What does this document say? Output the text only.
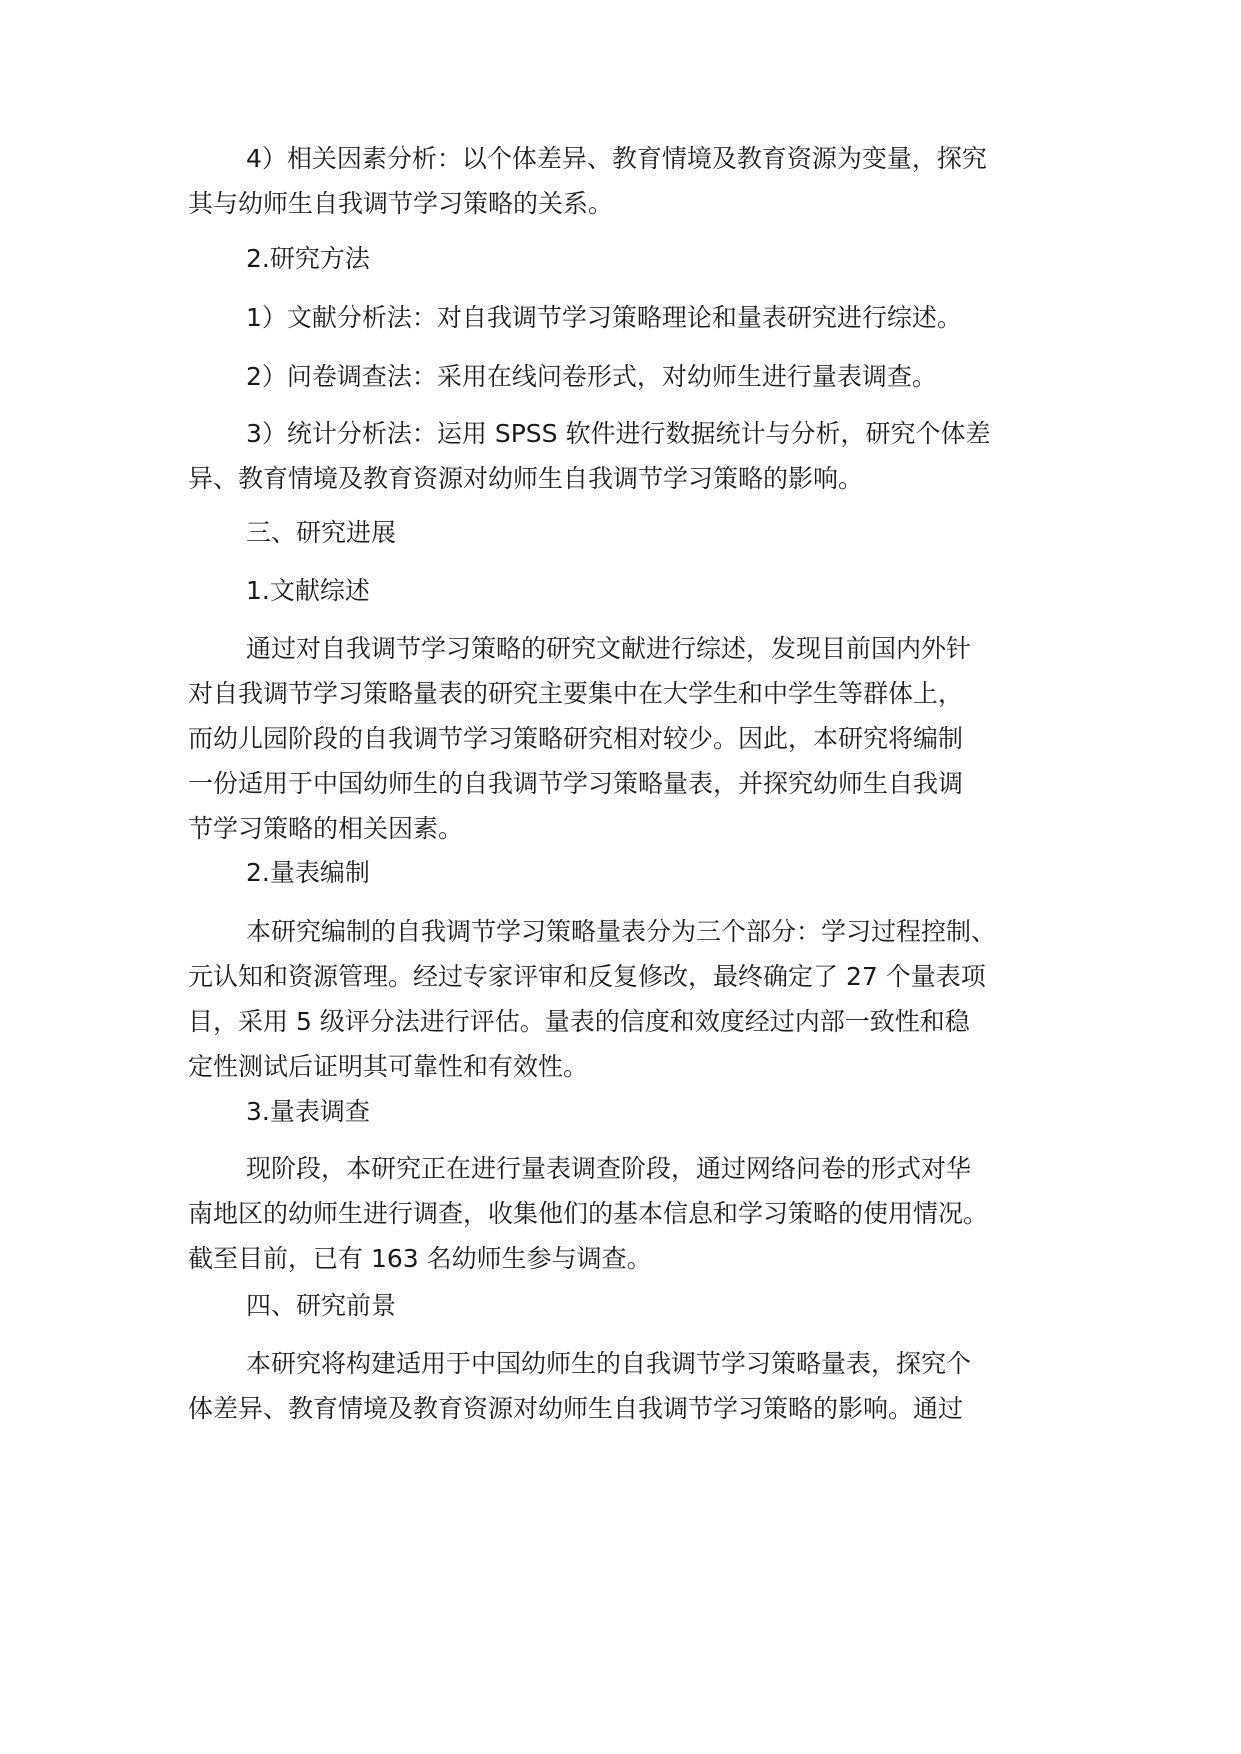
4）相关因素分析：以个体差异、教育情境及教育资源为变量，探究
其与幼师生自我调节学习策略的关系。
2.研究方法
1）文献分析法：对自我调节学习策略理论和量表研究进行综述。
2）问卷调查法：采用在线问卷形式，对幼师生进行量表调查。
3）统计分析法：运用 SPSS 软件进行数据统计与分析，研究个体差
异、教育情境及教育资源对幼师生自我调节学习策略的影响。
三、研究进展
1.文献综述
通过对自我调节学习策略的研究文献进行综述，发现目前国内外针
对自我调节学习策略量表的研究主要集中在大学生和中学生等群体上，
而幼儿园阶段的自我调节学习策略研究相对较少。因此，本研究将编制
一份适用于中国幼师生的自我调节学习策略量表，并探究幼师生自我调
节学习策略的相关因素。
2.量表编制
本研究编制的自我调节学习策略量表分为三个部分：学习过程控制、
元认知和资源管理。经过专家评审和反复修改，最终确定了 27 个量表项
目，采用 5 级评分法进行评估。量表的信度和效度经过内部一致性和稳
定性测试后证明其可靠性和有效性。
3.量表调查
现阶段，本研究正在进行量表调查阶段，通过网络问卷的形式对华
南地区的幼师生进行调查，收集他们的基本信息和学习策略的使用情况。
截至目前，已有 163 名幼师生参与调查。
四、研究前景
本研究将构建适用于中国幼师生的自我调节学习策略量表，探究个
体差异、教育情境及教育资源对幼师生自我调节学习策略的影响。通过
